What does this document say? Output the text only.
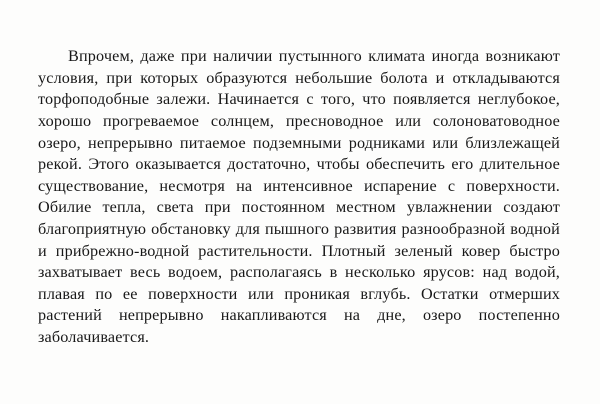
Впрочем, даже при наличии пустынного климата иногда возникают условия, при которых образуются небольшие болота и откладываются торфоподобные залежи. Начинается с того, что появляется неглубокое, хорошо прогреваемое солнцем, пресноводное или солоноватоводное озеро, непрерывно питаемое подземными родниками или близлежащей рекой. Этого оказывается достаточно, чтобы обеспечить его длительное существование, несмотря на интенсивное испарение с поверхности. Обилие тепла, света при постоянном местном увлажнении создают благоприятную обстановку для пышного развития разнообразной водной и прибрежно-водной растительности. Плотный зеленый ковер быстро захватывает весь водоем, располагаясь в несколько ярусов: над водой, плавая по ее поверхности или проникая вглубь. Остатки отмерших растений непрерывно накапливаются на дне, озеро постепенно заболачивается.
